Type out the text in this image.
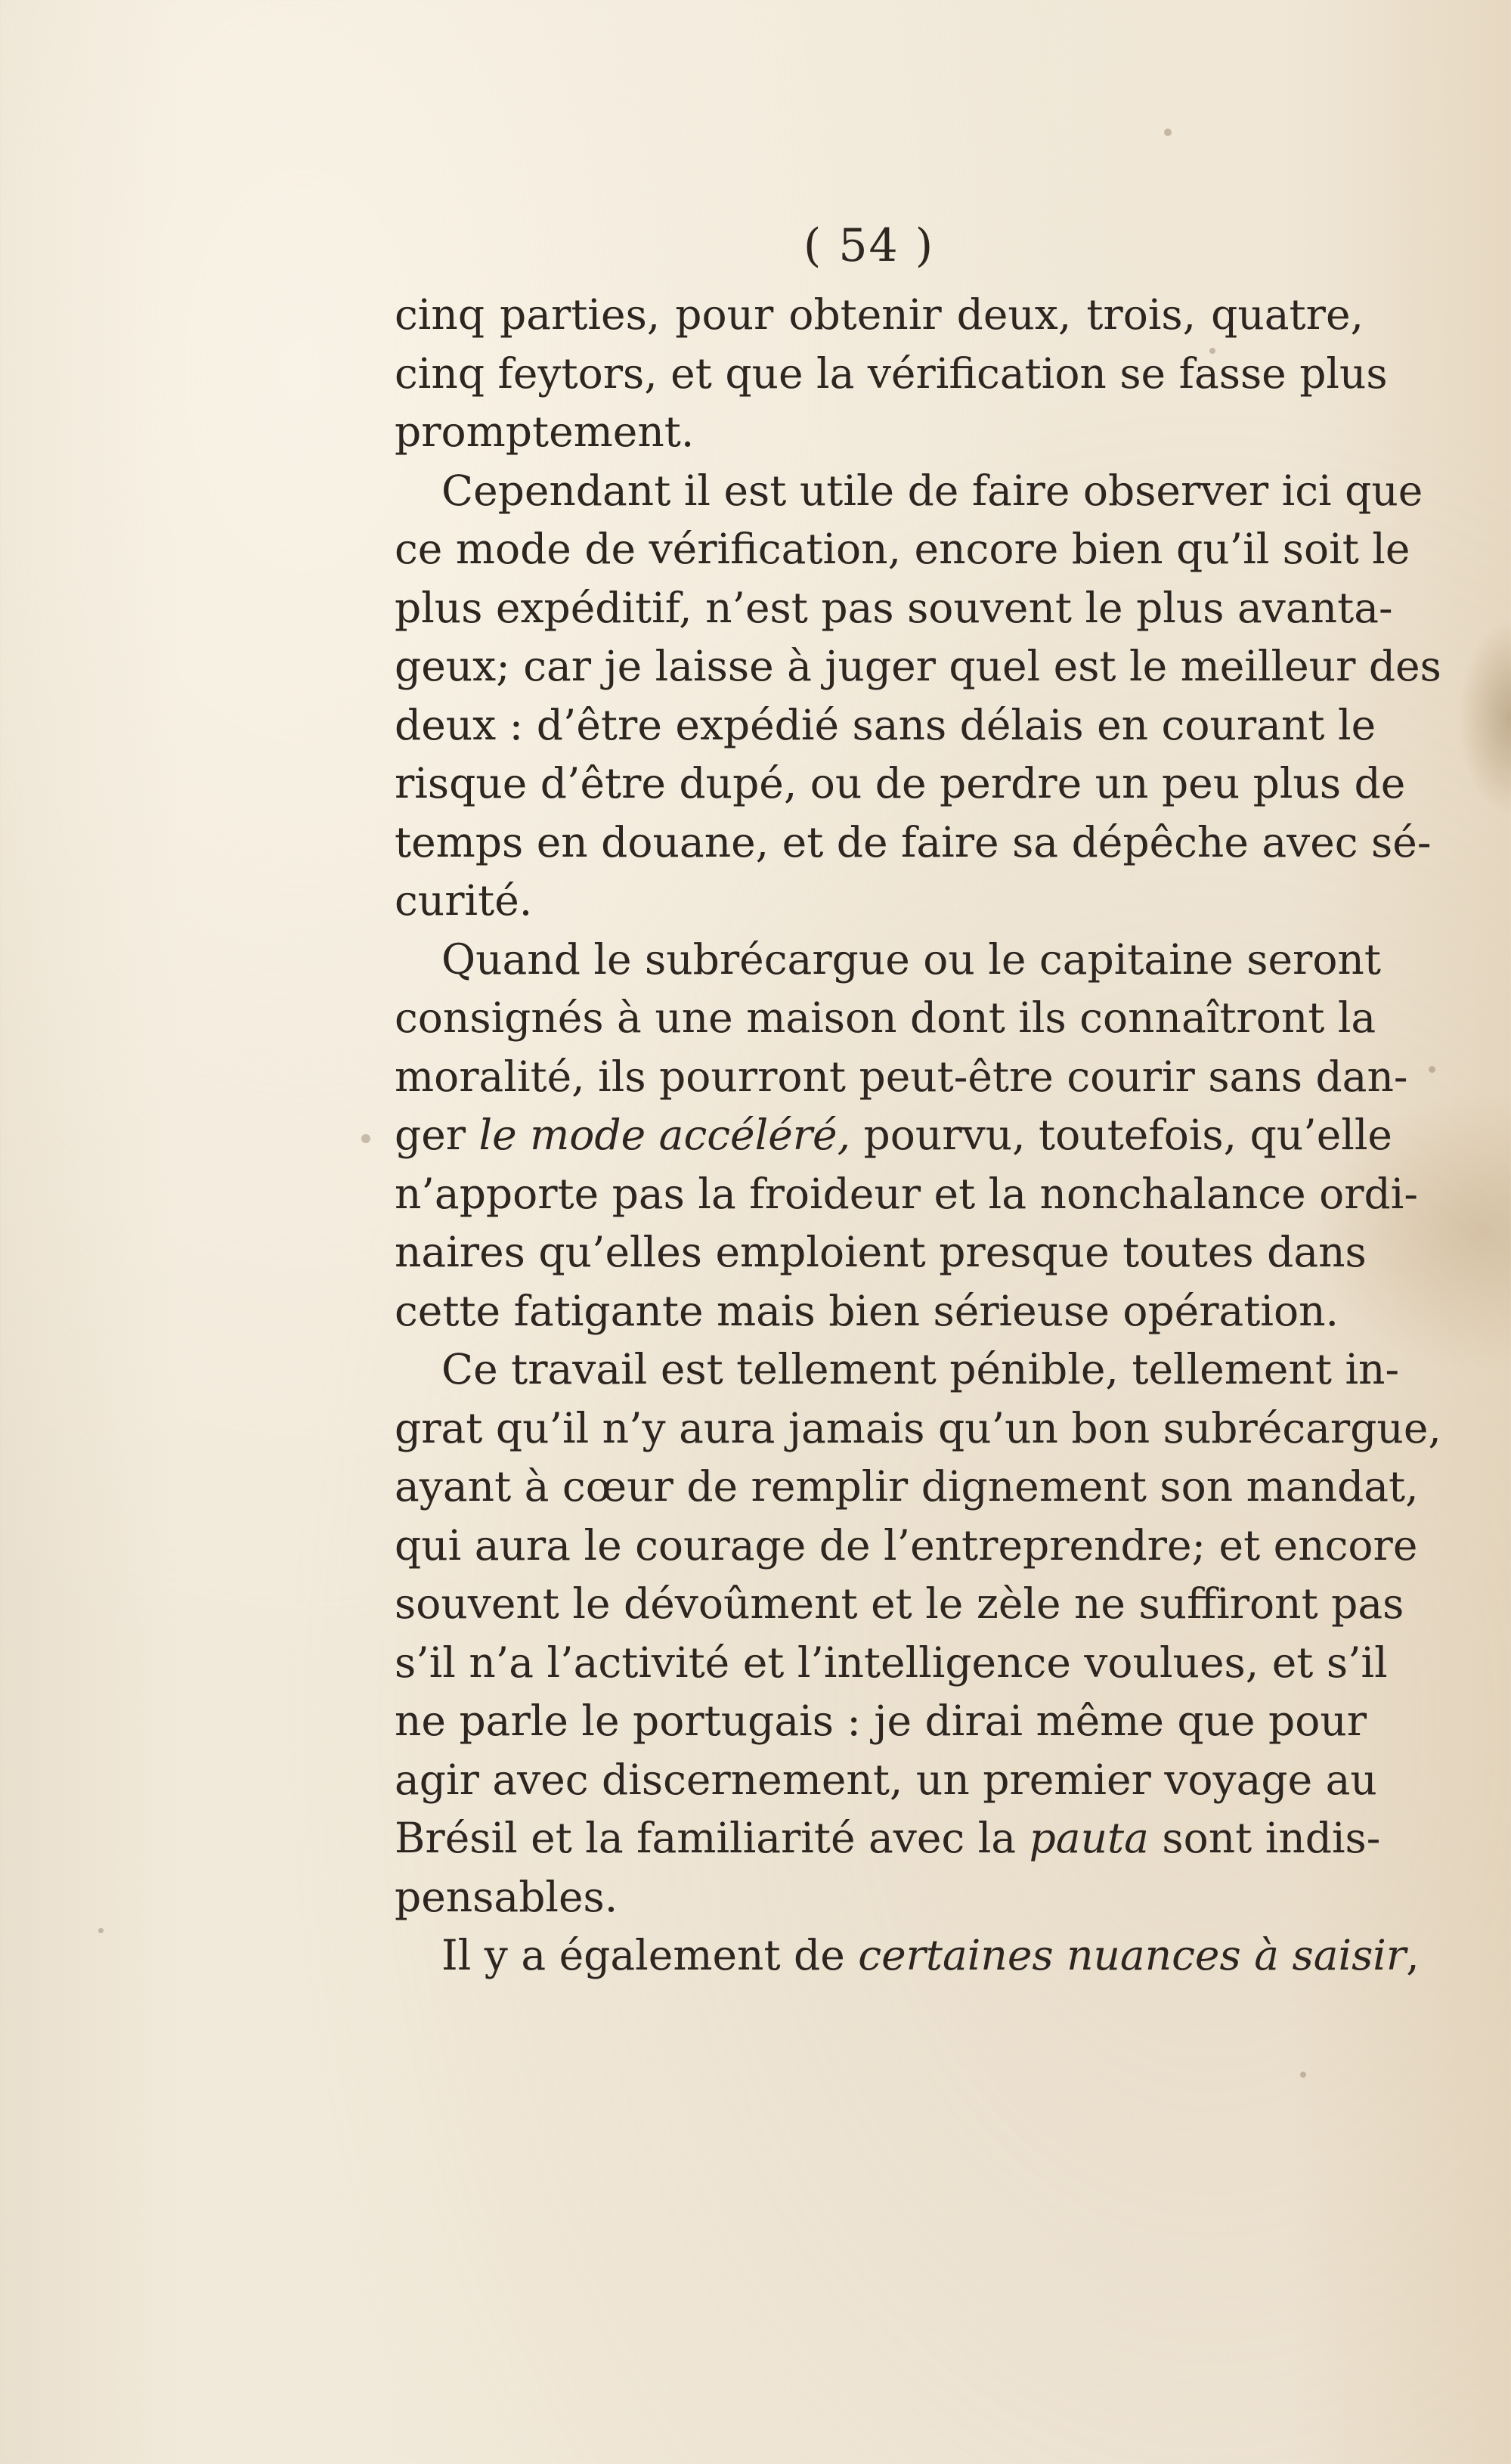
( 54 )
cinq parties, pour obtenir deux, trois, quatre,
cinq feytors, et que la vérification se fasse plus
promptement.
Cependant il est utile de faire observer ici que
ce mode de vérification, encore bien qu’il soit le
plus expéditif, n’est pas souvent le plus avanta-
geux; car je laisse à juger quel est le meilleur des
deux : d’être expédié sans délais en courant le
risque d’être dupé, ou de perdre un peu plus de
temps en douane, et de faire sa dépêche avec sé-
curité.
Quand le subrécargue ou le capitaine seront
consignés à une maison dont ils connaîtront la
moralité, ils pourront peut-être courir sans dan-
ger le mode accéléré, pourvu, toutefois, qu’elle
n’apporte pas la froideur et la nonchalance ordi-
naires qu’elles emploient presque toutes dans
cette fatigante mais bien sérieuse opération.
Ce travail est tellement pénible, tellement in-
grat qu’il n’y aura jamais qu’un bon subrécargue,
ayant à cœur de remplir dignement son mandat,
qui aura le courage de l’entreprendre; et encore
souvent le dévoûment et le zèle ne suffiront pas
s’il n’a l’activité et l’intelligence voulues, et s’il
ne parle le portugais : je dirai même que pour
agir avec discernement, un premier voyage au
Brésil et la familiarité avec la pauta sont indis-
pensables.
Il y a également de certaines nuances à saisir,
